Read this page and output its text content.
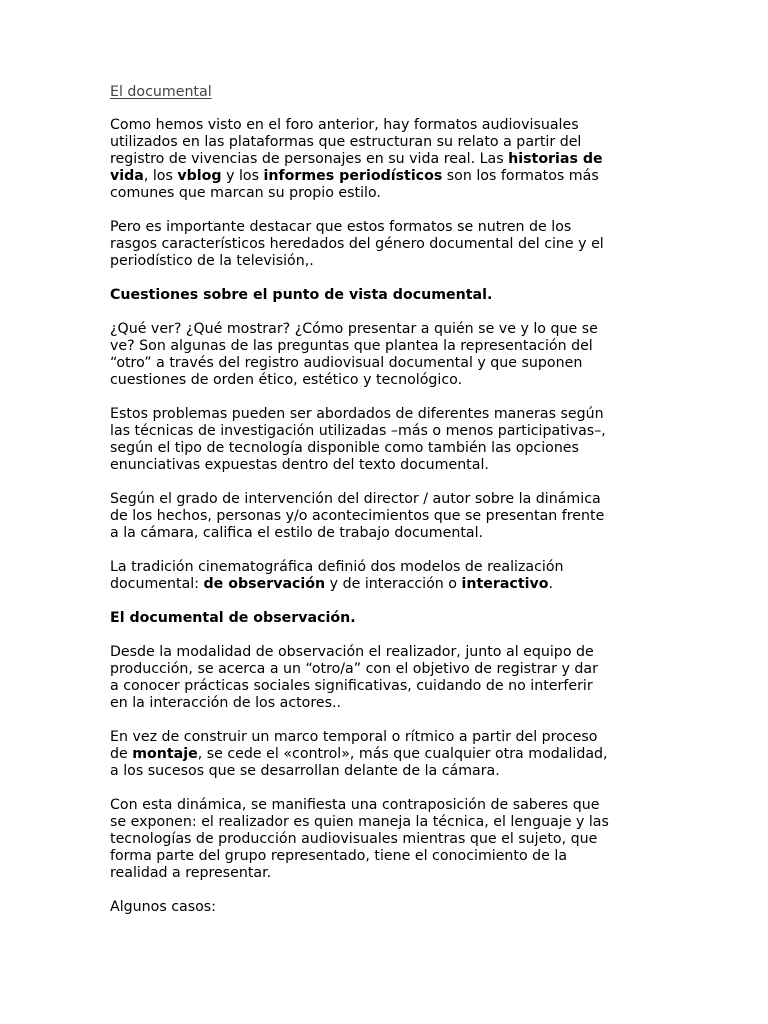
El documental
Como hemos visto en el foro anterior, hay formatos audiovisuales
utilizados en las plataformas que estructuran su relato a partir del
registro de vivencias de personajes en su vida real. Las historias de
vida, los vblog y los informes periodísticos son los formatos más
comunes que marcan su propio estilo.
Pero es importante destacar que estos formatos se nutren de los
rasgos característicos heredados del género documental del cine y el
periodístico de la televisión,.
Cuestiones sobre el punto de vista documental.
¿Qué ver? ¿Qué mostrar? ¿Cómo presentar a quién se ve y lo que se
ve? Son algunas de las preguntas que plantea la representación del
“otro” a través del registro audiovisual documental y que suponen
cuestiones de orden ético, estético y tecnológico.
Estos problemas pueden ser abordados de diferentes maneras según
las técnicas de investigación utilizadas –más o menos participativas–,
según el tipo de tecnología disponible como también las opciones
enunciativas expuestas dentro del texto documental.
Según el grado de intervención del director / autor sobre la dinámica
de los hechos, personas y/o acontecimientos que se presentan frente
a la cámara, califica el estilo de trabajo documental.
La tradición cinematográfica definió dos modelos de realización
documental: de observación y de interacción o interactivo.
El documental de observación.
Desde la modalidad de observación el realizador, junto al equipo de
producción, se acerca a un “otro/a” con el objetivo de registrar y dar
a conocer prácticas sociales significativas, cuidando de no interferir
en la interacción de los actores..
En vez de construir un marco temporal o rítmico a partir del proceso
de montaje, se cede el «control», más que cualquier otra modalidad,
a los sucesos que se desarrollan delante de la cámara.
Con esta dinámica, se manifiesta una contraposición de saberes que
se exponen: el realizador es quien maneja la técnica, el lenguaje y las
tecnologías de producción audiovisuales mientras que el sujeto, que
forma parte del grupo representado, tiene el conocimiento de la
realidad a representar.
Algunos casos:
